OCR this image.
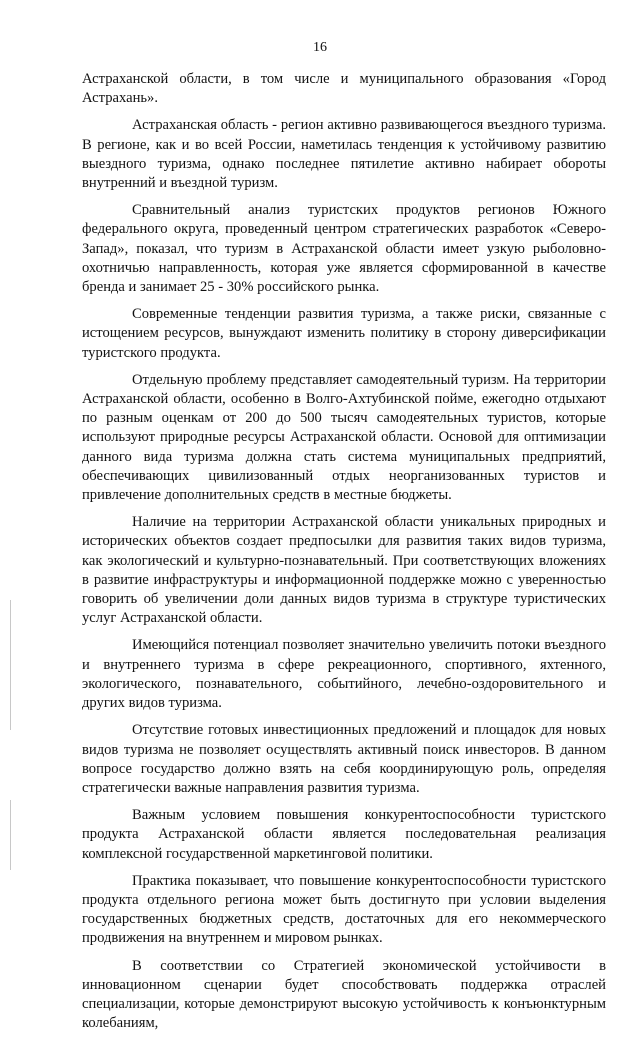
16

Астраханской области, в том числе и муниципального образования «Город Астрахань».

Астраханская область - регион активно развивающегося въездного туризма. В регионе, как и во всей России, наметилась тенденция к устойчивому развитию выездного туризма, однако последнее пятилетие активно набирает обороты внутренний и въездной туризм.

Сравнительный анализ туристских продуктов регионов Южного федерального округа, проведенный центром стратегических разработок «Северо-Запад», показал, что туризм в Астраханской области имеет узкую рыболовно-охотничью направленность, которая уже является сформированной в качестве бренда и занимает 25 - 30% российского рынка.

Современные тенденции развития туризма, а также риски, связанные с истощением ресурсов, вынуждают изменить политику в сторону диверсификации туристского продукта.

Отдельную проблему представляет самодеятельный туризм. На территории Астраханской области, особенно в Волго-Ахтубинской пойме, ежегодно отдыхают по разным оценкам от 200 до 500 тысяч самодеятельных туристов, которые используют природные ресурсы Астраханской области. Основой для оптимизации данного вида туризма должна стать система муниципальных предприятий, обеспечивающих цивилизованный отдых неорганизованных туристов и привлечение дополнительных средств в местные бюджеты.

Наличие на территории Астраханской области уникальных природных и исторических объектов создает предпосылки для развития таких видов туризма, как экологический и культурно-познавательный. При соответствующих вложениях в развитие инфраструктуры и информационной поддержке можно с уверенностью говорить об увеличении доли данных видов туризма в структуре туристических услуг Астраханской области.

Имеющийся потенциал позволяет значительно увеличить потоки въездного и внутреннего туризма в сфере рекреационного, спортивного, яхтенного, экологического, познавательного, событийного, лечебно-оздоровительного и других видов туризма.

Отсутствие готовых инвестиционных предложений и площадок для новых видов туризма не позволяет осуществлять активный поиск инвесторов. В данном вопросе государство должно взять на себя координирующую роль, определяя стратегически важные направления развития туризма.

Важным условием повышения конкурентоспособности туристского продукта Астраханской области является последовательная реализация комплексной государственной маркетинговой политики.

Практика показывает, что повышение конкурентоспособности туристского продукта отдельного региона может быть достигнуто при условии выделения государственных бюджетных средств, достаточных для его некоммерческого продвижения на внутреннем и мировом рынках.

В соответствии со Стратегией экономической устойчивости в инновационном сценарии будет способствовать поддержка отраслей специализации, которые демонстрируют высокую устойчивость к конъюнктурным колебаниям,
